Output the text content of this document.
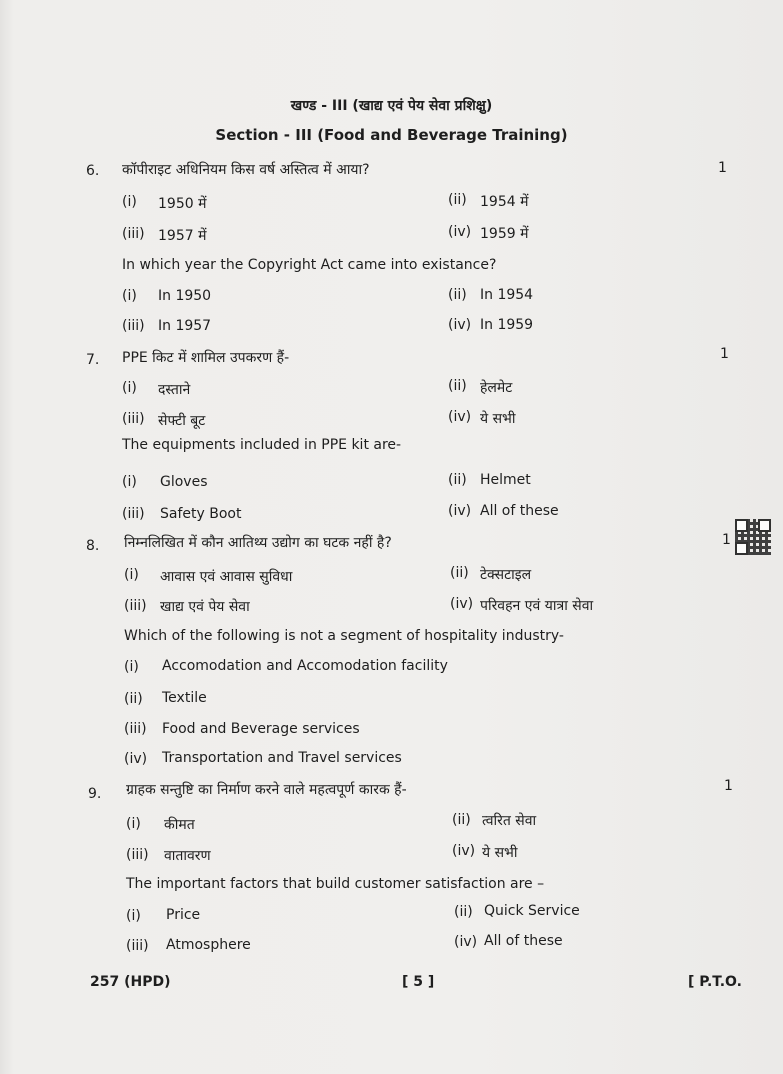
खण्ड - III (खाद्य एवं पेय सेवा प्रशिक्षु)
Section - III (Food and Beverage Training)
6. कॉपीराइट अधिनियम किस वर्ष अस्तित्व में आया?	1
(i) 1950 में	(ii) 1954 में
(iii) 1957 में	(iv) 1959 में
In which year the Copyright Act came into existance?
(i) In 1950	(ii) In 1954
(iii) In 1957	(iv) In 1959
7. PPE किट में शामिल उपकरण हैं-	1
(i) दस्ताने	(ii) हेलमेट
(iii) सेफ्टी बूट	(iv) ये सभी
The equipments included in PPE kit are-
(i) Gloves	(ii) Helmet
(iii) Safety Boot	(iv) All of these
8. निम्नलिखित में कौन आतिथ्य उद्योग का घटक नहीं है?	1
(i) आवास एवं आवास सुविधा	(ii) टेक्सटाइल
(iii) खाद्य एवं पेय सेवा	(iv) परिवहन एवं यात्रा सेवा
Which of the following is not a segment of hospitality industry-
(i) Accomodation and Accomodation facility
(ii) Textile
(iii) Food and Beverage services
(iv) Transportation and Travel services
9. ग्राहक सन्तुष्टि का निर्माण करने वाले महत्वपूर्ण कारक हैं-	1
(i) कीमत	(ii) त्वरित सेवा
(iii) वातावरण	(iv) ये सभी
The important factors that build customer satisfaction are –
(i) Price	(ii) Quick Service
(iii) Atmosphere	(iv) All of these
257 (HPD)	[ 5 ]	[ P.T.O.
